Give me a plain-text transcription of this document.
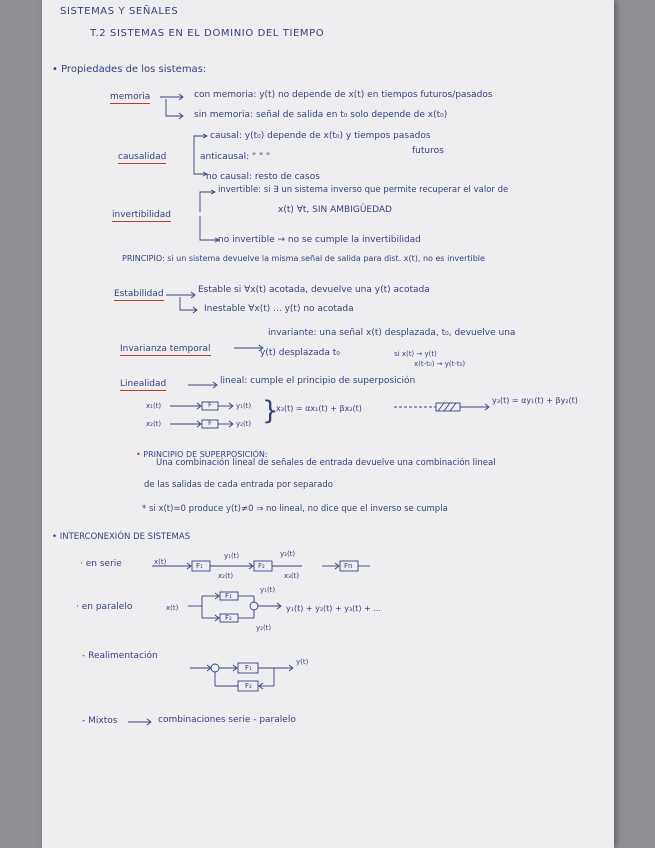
SISTEMAS Y SEÑALES
T.2 SISTEMAS EN EL DOMINIO DEL TIEMPO
• Propiedades de los sistemas:
memoria	con memoria: y(t) no depende de x(t) en tiempos futuros/pasados
sin memoria: señal de salida en t₀ solo depende de x(t₀)
causal: y(t₀) depende de x(t₀) y tiempos pasados
causalidad	anticausal: " " "
futuros
no causal: resto de casos
invertible: si ∃ un sistema inverso que permite recuperar el valor de
x(t) ∀t, SIN AMBIGÜEDAD
invertibilidad
no invertible → no se cumple la invertibilidad
PRINCIPIO: si un sistema devuelve la misma señal de salida para dist. x(t), no es invertible
Estabilidad	Estable si ∀x(t) acotada, devuelve una y(t) acotada
Inestable ∀x(t) ... y(t) no acotada
Invarianza temporal
invariante: una señal x(t) desplazada, t₀, devuelve una
y(t) desplazada t₀	si x(t) → y(t)
x(t-t₀) → y(t-t₀)
Linealidad	lineal: cumple el principio de superposición
x₁(t)
x₂(t)
F
F
y₁(t)
y₂(t) }
x₃(t) = αx₁(t) + βx₂(t)
y₃(t) = αy₁(t) + βy₂(t)
• PRINCIPIO DE SUPERPOSICIÓN:
Una combinación lineal de señales de entrada devuelve una combinación lineal
de las salidas de cada entrada por separado
* si x(t)=0 produce y(t)≠0 ⇒ no lineal, no dice que el inverso se cumpla
• INTERCONEXIÓN DE SISTEMAS
· en serie	x(t)	F₁
y₁(t)
x₂(t)
F₂
y₂(t)
x₃(t)
Fn
· en paralelo	x(t)
F₁
F₂
y₁(t)
y₂(t)
y₁(t) + y₂(t) + y₃(t) + ...
- Realimentación
F₁
F₂
y(t)
- Mixtos	combinaciones serie - paralelo
